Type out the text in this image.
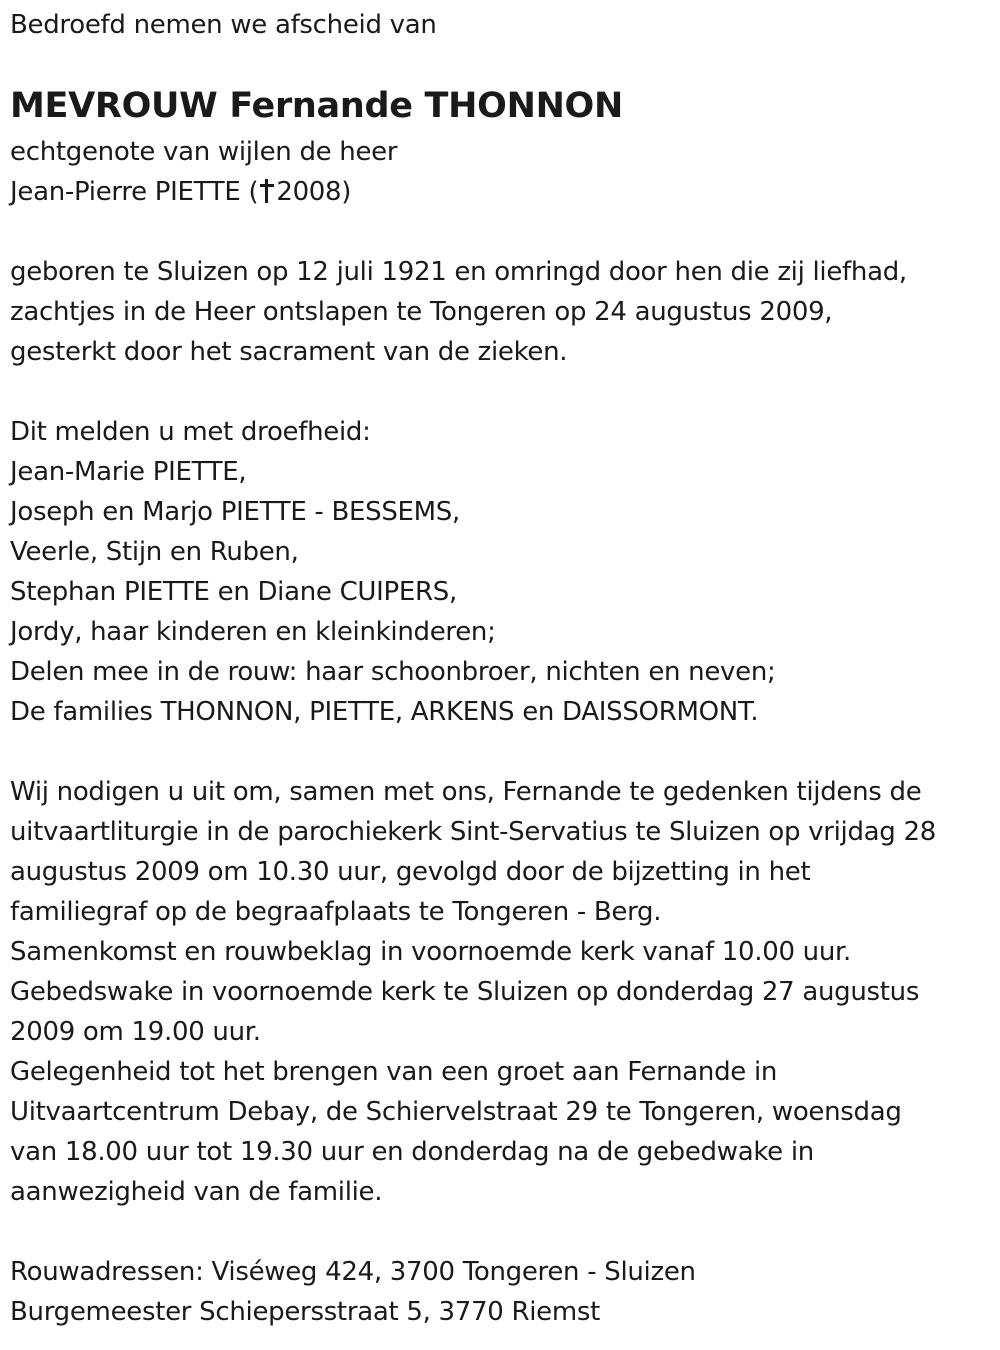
Bedroefd nemen we afscheid van
MEVROUW Fernande THONNON
echtgenote van wijlen de heer
Jean-Pierre PIETTE ( 2008)
geboren te Sluizen op 12 juli 1921 en omringd door hen die zij liefhad,
zachtjes in de Heer ontslapen te Tongeren op 24 augustus 2009,
gesterkt door het sacrament van de zieken.
Dit melden u met droefheid:
Jean-Marie PIETTE,
Joseph en Marjo PIETTE - BESSEMS,
Veerle, Stijn en Ruben,
Stephan PIETTE en Diane CUIPERS,
Jordy, haar kinderen en kleinkinderen;
Delen mee in de rouw: haar schoonbroer, nichten en neven;
De families THONNON, PIETTE, ARKENS en DAISSORMONT.
Wij nodigen u uit om, samen met ons, Fernande te gedenken tijdens de
uitvaartliturgie in de parochiekerk Sint-Servatius te Sluizen op vrijdag 28
augustus 2009 om 10.30 uur, gevolgd door de bijzetting in het
familiegraf op de begraafplaats te Tongeren - Berg.
Samenkomst en rouwbeklag in voornoemde kerk vanaf 10.00 uur.
Gebedswake in voornoemde kerk te Sluizen op donderdag 27 augustus
2009 om 19.00 uur.
Gelegenheid tot het brengen van een groet aan Fernande in
Uitvaartcentrum Debay, de Schiervelstraat 29 te Tongeren, woensdag
van 18.00 uur tot 19.30 uur en donderdag na de gebedwake in
aanwezigheid van de familie.
Rouwadressen: Viséweg 424, 3700 Tongeren - Sluizen
Burgemeester Schiepersstraat 5, 3770 Riemst
